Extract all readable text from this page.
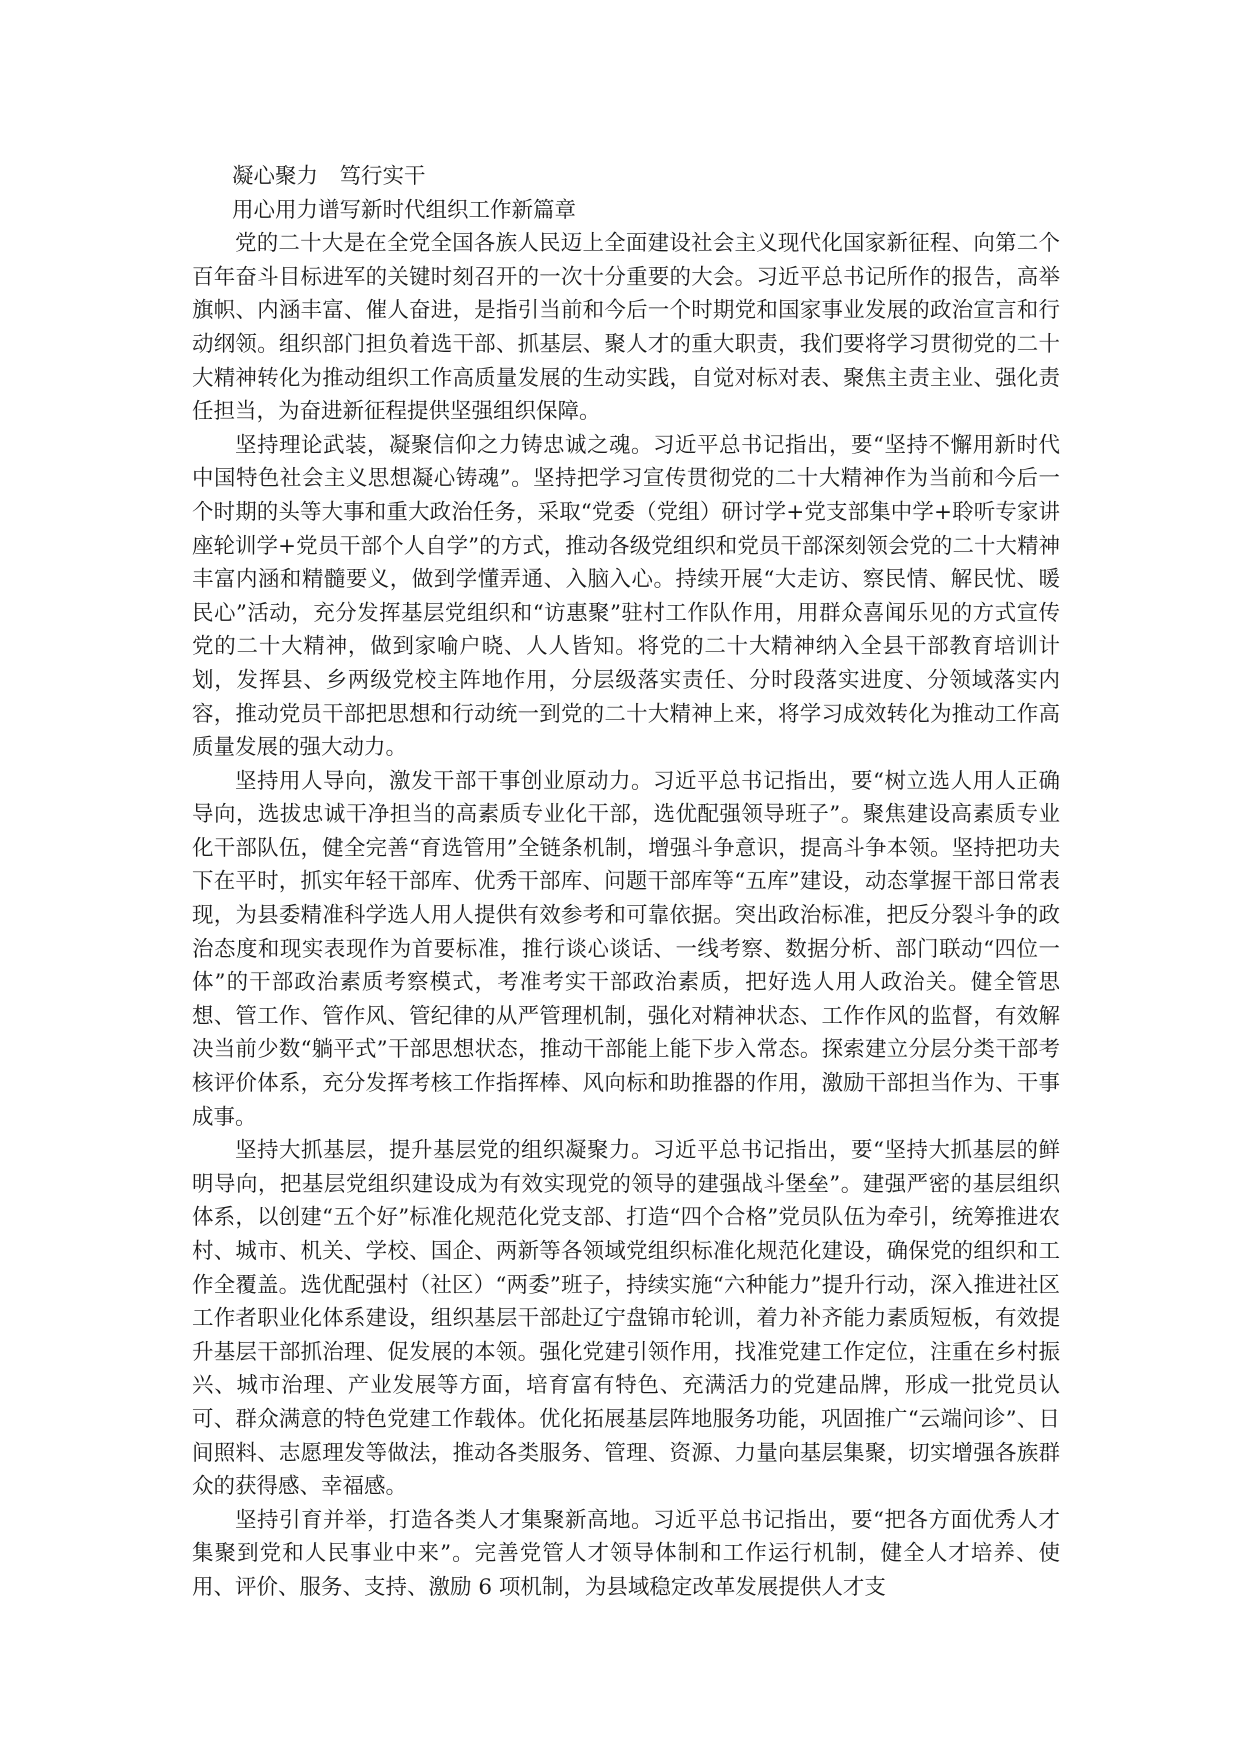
凝心聚力　笃行实干

用心用力谱写新时代组织工作新篇章

党的二十大是在全党全国各族人民迈上全面建设社会主义现代化国家新征程、向第二个百年奋斗目标进军的关键时刻召开的一次十分重要的大会。习近平总书记所作的报告，高举旗帜、内涵丰富、催人奋进，是指引当前和今后一个时期党和国家事业发展的政治宣言和行动纲领。组织部门担负着选干部、抓基层、聚人才的重大职责，我们要将学习贯彻党的二十大精神转化为推动组织工作高质量发展的生动实践，自觉对标对表、聚焦主责主业、强化责任担当，为奋进新征程提供坚强组织保障。

坚持理论武装，凝聚信仰之力铸忠诚之魂。习近平总书记指出，要“坚持不懈用新时代中国特色社会主义思想凝心铸魂”。坚持把学习宣传贯彻党的二十大精神作为当前和今后一个时期的头等大事和重大政治任务，采取“党委（党组）研讨学+党支部集中学+聆听专家讲座轮训学+党员干部个人自学”的方式，推动各级党组织和党员干部深刻领会党的二十大精神丰富内涵和精髓要义，做到学懂弄通、入脑入心。持续开展“大走访、察民情、解民忧、暖民心”活动，充分发挥基层党组织和“访惠聚”驻村工作队作用，用群众喜闻乐见的方式宣传党的二十大精神，做到家喻户晓、人人皆知。将党的二十大精神纳入全县干部教育培训计划，发挥县、乡两级党校主阵地作用，分层级落实责任、分时段落实进度、分领域落实内容，推动党员干部把思想和行动统一到党的二十大精神上来，将学习成效转化为推动工作高质量发展的强大动力。

坚持用人导向，激发干部干事创业原动力。习近平总书记指出，要“树立选人用人正确导向，选拔忠诚干净担当的高素质专业化干部，选优配强领导班子”。聚焦建设高素质专业化干部队伍，健全完善“育选管用”全链条机制，增强斗争意识，提高斗争本领。坚持把功夫下在平时，抓实年轻干部库、优秀干部库、问题干部库等“五库”建设，动态掌握干部日常表现，为县委精准科学选人用人提供有效参考和可靠依据。突出政治标准，把反分裂斗争的政治态度和现实表现作为首要标准，推行谈心谈话、一线考察、数据分析、部门联动“四位一体”的干部政治素质考察模式，考准考实干部政治素质，把好选人用人政治关。健全管思想、管工作、管作风、管纪律的从严管理机制，强化对精神状态、工作作风的监督，有效解决当前少数“躺平式”干部思想状态，推动干部能上能下步入常态。探索建立分层分类干部考核评价体系，充分发挥考核工作指挥棒、风向标和助推器的作用，激励干部担当作为、干事成事。

坚持大抓基层，提升基层党的组织凝聚力。习近平总书记指出，要“坚持大抓基层的鲜明导向，把基层党组织建设成为有效实现党的领导的建强战斗堡垒”。建强严密的基层组织体系，以创建“五个好”标准化规范化党支部、打造“四个合格”党员队伍为牵引，统筹推进农村、城市、机关、学校、国企、两新等各领域党组织标准化规范化建设，确保党的组织和工作全覆盖。选优配强村（社区）“两委”班子，持续实施“六种能力”提升行动，深入推进社区工作者职业化体系建设，组织基层干部赴辽宁盘锦市轮训，着力补齐能力素质短板，有效提升基层干部抓治理、促发展的本领。强化党建引领作用，找准党建工作定位，注重在乡村振兴、城市治理、产业发展等方面，培育富有特色、充满活力的党建品牌，形成一批党员认可、群众满意的特色党建工作载体。优化拓展基层阵地服务功能，巩固推广“云端问诊”、日间照料、志愿理发等做法，推动各类服务、管理、资源、力量向基层集聚，切实增强各族群众的获得感、幸福感。

坚持引育并举，打造各类人才集聚新高地。习近平总书记指出，要“把各方面优秀人才集聚到党和人民事业中来”。完善党管人才领导体制和工作运行机制，健全人才培养、使用、评价、服务、支持、激励 6 项机制，为县域稳定改革发展提供人才支
